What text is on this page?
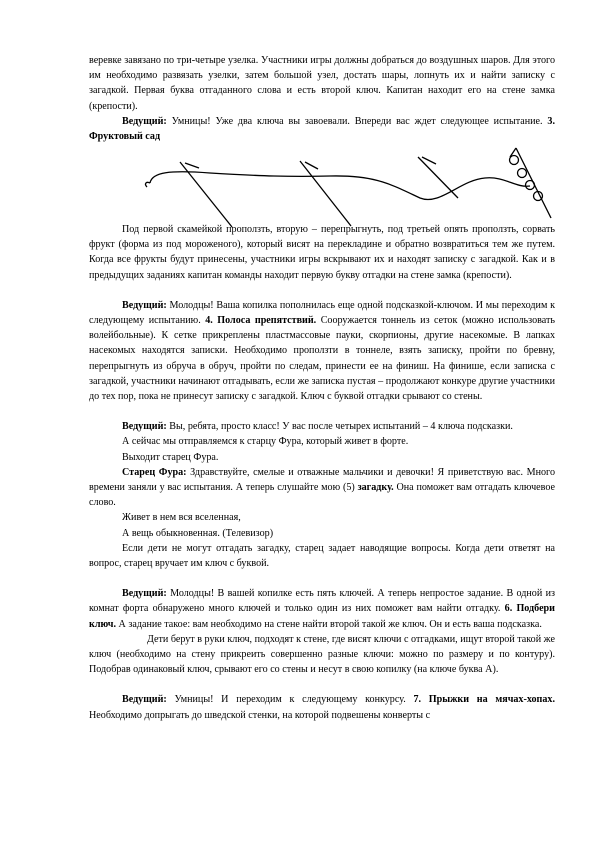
веревке завязано по три-четыре узелка. Участники игры должны добраться до воздушных шаров. Для этого им необходимо развязать узелки, затем большой узел, достать шары, лопнуть их и найти записку с загадкой. Первая буква отгаданного слова и есть второй ключ. Капитан находит его на стене замка (крепости).

Ведущий: Умницы! Уже два ключа вы завоевали. Впереди вас ждет следующее испытание. 3. Фруктовый сад

Под первой скамейкой проползть, вторую – перепрыгнуть, под третьей опять проползть, сорвать фрукт (форма из под мороженого), который висят на перекладине и обратно возвратиться тем же путем. Когда все фрукты будут принесены, участники игры вскрывают их и находят записку с загадкой. Как и в предыдущих заданиях капитан команды находит первую букву отгадки на стене замка (крепости).

Ведущий: Молодцы! Ваша копилка пополнилась еще одной подсказкой-ключом. И мы переходим к следующему испытанию. 4. Полоса препятствий. Сооружается тоннель из сеток (можно использовать волейбольные). К сетке прикреплены пластмассовые пауки, скорпионы, другие насекомые. В лапках насекомых находятся записки. Необходимо проползти в тоннеле, взять записку, пройти по бревну, перепрыгнуть из обруча в обруч, пройти по следам, принести ее на финиш. На финише, если записка с загадкой, участники начинают отгадывать, если же записка пустая – продолжают конкуре другие участники до тех пор, пока не принесут записку с загадкой. Ключ с буквой отгадки срывают со стены.

Ведущий: Вы, ребята, просто класс! У вас после четырех испытаний – 4 ключа подсказки.

А сейчас мы отправляемся к старцу Фура, который живет в форте.

Выходит старец Фура.

Старец Фура: Здравствуйте, смелые и отважные мальчики и девочки! Я приветствую вас. Много времени заняли у вас испытания. А теперь слушайте мою (5) загадку. Она поможет вам отгадать ключевое слово.

Живет в нем вся вселенная,

А вещь обыкновенная. (Телевизор)

Если дети не могут отгадать загадку, старец задает наводящие вопросы. Когда дети ответят на вопрос, старец вручает им ключ с буквой.

Ведущий: Молодцы! В вашей копилке есть пять ключей. А теперь непростое задание. В одной из комнат форта обнаружено много ключей и только один из них поможет вам найти отгадку. 6. Подбери ключ. А задание такое: вам необходимо на стене найти второй такой же ключ. Он и есть ваша подсказка.

Дети берут в руки ключ, подходят к стене, где висят ключи с отгадками, ищут второй такой же ключ (необходимо на стену прикреить совершенно разные ключи: можно по размеру и по контуру). Подобрав одинаковый ключ, срывают его со стены и несут в свою копилку (на ключе буква А).

Ведущий: Умницы! И переходим к следующему конкурсу. 7. Прыжки на мячах-хопах. Необходимо допрыгать до шведской стенки, на которой подвешены конверты с
